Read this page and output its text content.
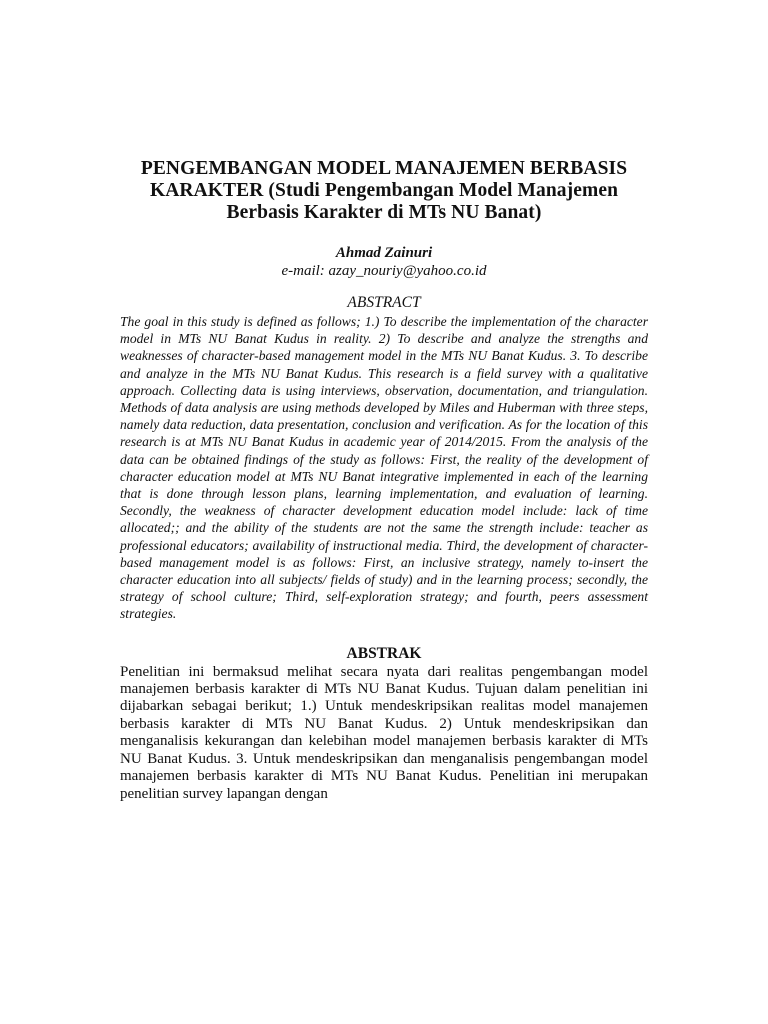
PENGEMBANGAN MODEL MANAJEMEN BERBASIS KARAKTER (Studi Pengembangan Model Manajemen Berbasis Karakter di MTs NU Banat)
Ahmad Zainuri
e-mail: azay_nouriy@yahoo.co.id
ABSTRACT

The goal in this study is defined as follows; 1.) To describe the implementation of the character model in MTs NU Banat Kudus in reality. 2) To describe and analyze the strengths and weaknesses of character-based management model in the MTs NU Banat Kudus. 3. To describe and analyze in the MTs NU Banat Kudus. This research is a field survey with a qualitative approach. Collecting data is using interviews, observation, documentation, and triangulation. Methods of data analysis are using methods developed by Miles and Huberman with three steps, namely data reduction, data presentation, conclusion and verification. As for the location of this research is at MTs NU Banat Kudus in academic year of 2014/2015. From the analysis of the data can be obtained findings of the study as follows: First, the reality of the development of character education model at MTs NU Banat integrative implemented in each of the learning that is done through lesson plans, learning implementation, and evaluation of learning. Secondly, the weakness of character development education model include: lack of time allocated;; and the ability of the students are not the same the strength include: teacher as professional educators; availability of instructional media. Third, the development of character-based management model is as follows: First, an inclusive strategy, namely to-insert the character education into all subjects/ fields of study) and in the learning process; secondly, the strategy of school culture; Third, self-exploration strategy; and fourth, peers assessment strategies.

ABSTRAK

Penelitian ini bermaksud melihat secara nyata dari realitas pengembangan model manajemen berbasis karakter di MTs NU Banat Kudus. Tujuan dalam penelitian ini dijabarkan sebagai berikut; 1.) Untuk mendeskripsikan realitas model manajemen berbasis karakter di MTs NU Banat Kudus. 2) Untuk mendeskripsikan dan menganalisis kekurangan dan kelebihan model manajemen berbasis karakter di MTs NU Banat Kudus. 3. Untuk mendeskripsikan dan menganalisis pengembangan model manajemen berbasis karakter di MTs NU Banat Kudus. Penelitian ini merupakan penelitian survey lapangan dengan
